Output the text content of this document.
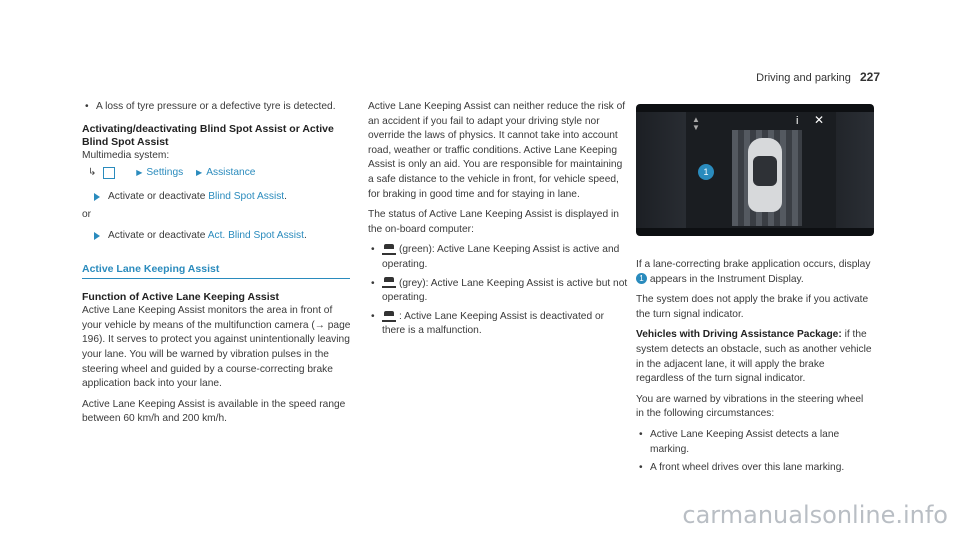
Driving and parking 227
• A loss of tyre pressure or a defective tyre is detected.
Activating/deactivating Blind Spot Assist or Active Blind Spot Assist
Multimedia system:
↳	▶ Settings ▶ Assistance
Activate or deactivate Blind Spot Assist.
or
Activate or deactivate Act. Blind Spot Assist.
Active Lane Keeping Assist
Function of Active Lane Keeping Assist

Active Lane Keeping Assist monitors the area in front of your vehicle by means of the multifunction camera (→ page 196). It serves to protect you against unintentionally leaving your lane. You will be warned by vibration pulses in the steering wheel and guided by a course-correcting brake application back into your lane.

Active Lane Keeping Assist is available in the speed range between 60 km/h and 200 km/h.

Active Lane Keeping Assist can neither reduce the risk of an accident if you fail to adapt your driving style nor override the laws of physics. It cannot take into account road, weather or traffic conditions. Active Lane Keeping Assist is only an aid. You are responsible for maintaining a safe distance to the vehicle in front, for vehicle speed, for braking in good time and for staying in lane.

The status of Active Lane Keeping Assist is displayed in the on-board computer:

• (green): Active Lane Keeping Assist is active and operating.
• (grey): Active Lane Keeping Assist is active but not operating.
• : Active Lane Keeping Assist is deactivated or there is a malfunction.
▲
▼
i ✕
1

If a lane-correcting brake application occurs, display 1 appears in the Instrument Display.

The system does not apply the brake if you activate the turn signal indicator.

Vehicles with Driving Assistance Package: if the system detects an obstacle, such as another vehicle in the adjacent lane, it will apply the brake regardless of the turn signal indicator.

You are warned by vibrations in the steering wheel in the following circumstances:

• Active Lane Keeping Assist detects a lane marking.
• A front wheel drives over this lane marking.
carmanualsonline.info
